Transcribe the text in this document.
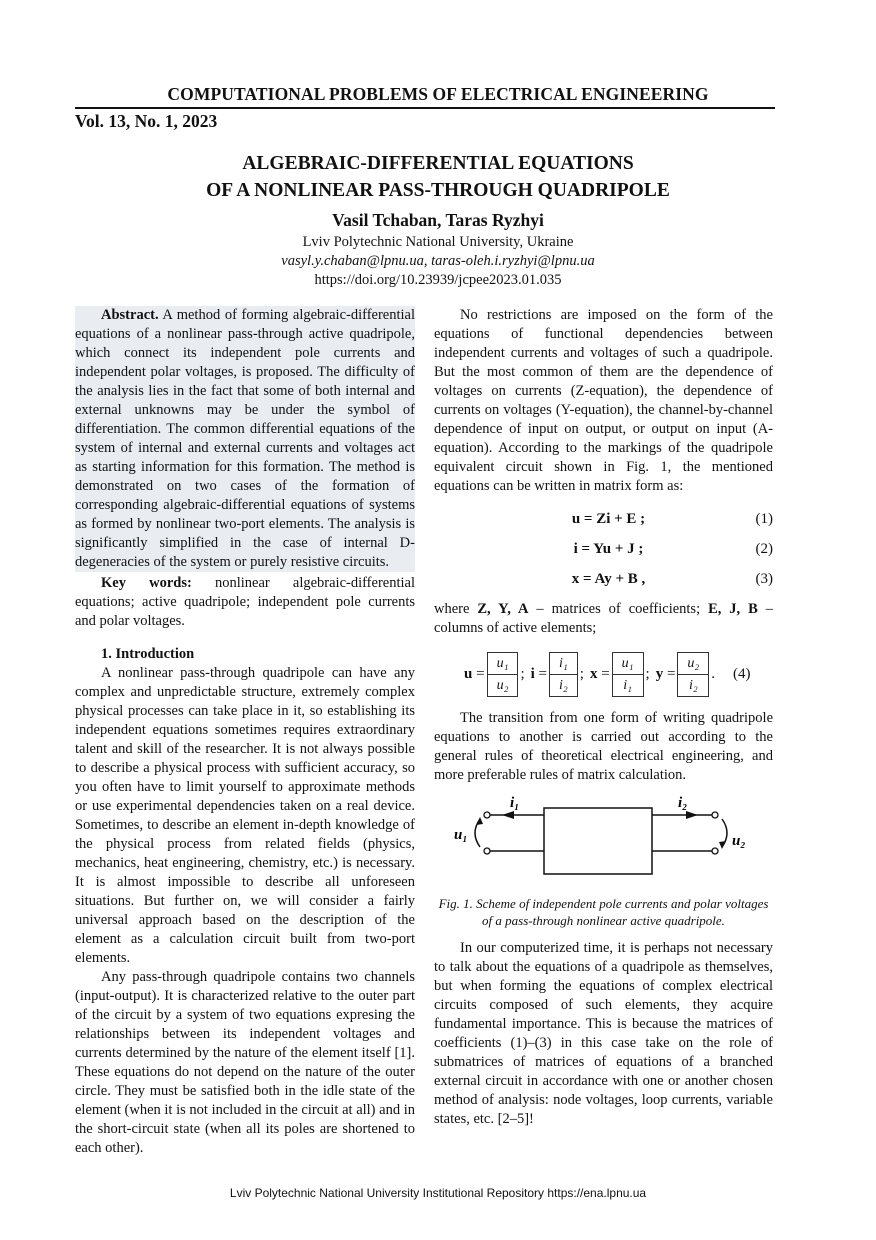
COMPUTATIONAL PROBLEMS OF ELECTRICAL ENGINEERING
Vol. 13, No. 1, 2023
ALGEBRAIC-DIFFERENTIAL EQUATIONS
OF A NONLINEAR PASS-THROUGH QUADRIPOLE
Vasil Tchaban, Taras Ryzhyi
Lviv Polytechnic National University, Ukraine
vasyl.y.chaban@lpnu.ua, taras-oleh.i.ryzhyi@lpnu.ua
https://doi.org/10.23939/jcpee2023.01.035

Abstract. A method of forming algebraic-differential equations of a nonlinear pass-through active quadripole, which connect its independent pole currents and independent polar voltages, is proposed. The difficulty of the analysis lies in the fact that some of both internal and external unknowns may be under the symbol of differentiation. The common differential equations of the system of internal and external currents and voltages act as starting information for this formation. The method is demonstrated on two cases of the formation of corresponding algebraic-differential equations of systems as formed by nonlinear two-port elements. The analysis is significantly simplified in the case of internal D-degeneracies of the system or purely resistive circuits.

Key words: nonlinear algebraic-differential equations; active quadripole; independent pole currents and polar voltages.

1. Introduction

A nonlinear pass-through quadripole can have any complex and unpredictable structure, extremely complex physical processes can take place in it, so establishing its independent equations sometimes requires extraordinary talent and skill of the researcher. It is not always possible to describe a physical process with sufficient accuracy, so you often have to limit yourself to approximate methods or use experimental dependencies taken on a real device. Sometimes, to describe an element in-depth knowledge of the physical process from related fields (physics, mechanics, heat engineering, chemistry, etc.) is necessary. It is almost impossible to describe all unforeseen situations. But further on, we will consider a fairly universal approach based on the description of the element as a calculation circuit built from two-port elements.

Any pass-through quadripole contains two channels (input-output). It is characterized relative to the outer part of the circuit by a system of two equations expresing the relationships between its independent voltages and currents determined by the nature of the element itself [1]. These equations do not depend on the nature of the outer circle. They must be satisfied both in the idle state of the element (when it is not included in the circuit at all) and in the short-circuit state (when all its poles are shortened to each other).

No restrictions are imposed on the form of the equations of functional dependencies between independent currents and voltages of such a quadripole. But the most common of them are the dependence of voltages on currents (Z-equation), the dependence of currents on voltages (Y-equation), the channel-by-channel dependence of input on output, or output on input (A-equation). According to the markings of the quadripole equivalent circuit shown in Fig. 1, the mentioned equations can be written in matrix form as:

u = Zi + E ;	(1)
i = Yu + J ;	(2)
x = Ay + B ,	(3)

where Z, Y, A – matrices of coefficients; E, J, B – columns of active elements;

u =
u₁
u₂
; i =
i₁
i₂
; x =
u₁
i₁
; y =
u₂
i₂
. (4)

The transition from one form of writing quadripole equations to another is carried out according to the general rules of theoretical electrical engineering, and more preferable rules of matrix calculation.

i₁	i₂
u₁	u₂
Fig. 1. Scheme of independent pole currents and polar voltages of a pass-through nonlinear active quadripole.

In our computerized time, it is perhaps not necessary to talk about the equations of a quadripole as themselves, but when forming the equations of complex electrical circuits composed of such elements, they acquire fundamental importance. This is because the matrices of coefficients (1)–(3) in this case take on the role of submatrices of matrices of equations of a branched external circuit in accordance with one or another chosen method of analysis: node voltages, loop currents, variable states, etc. [2–5]!

Lviv Polytechnic National University Institutional Repository https://ena.lpnu.ua
